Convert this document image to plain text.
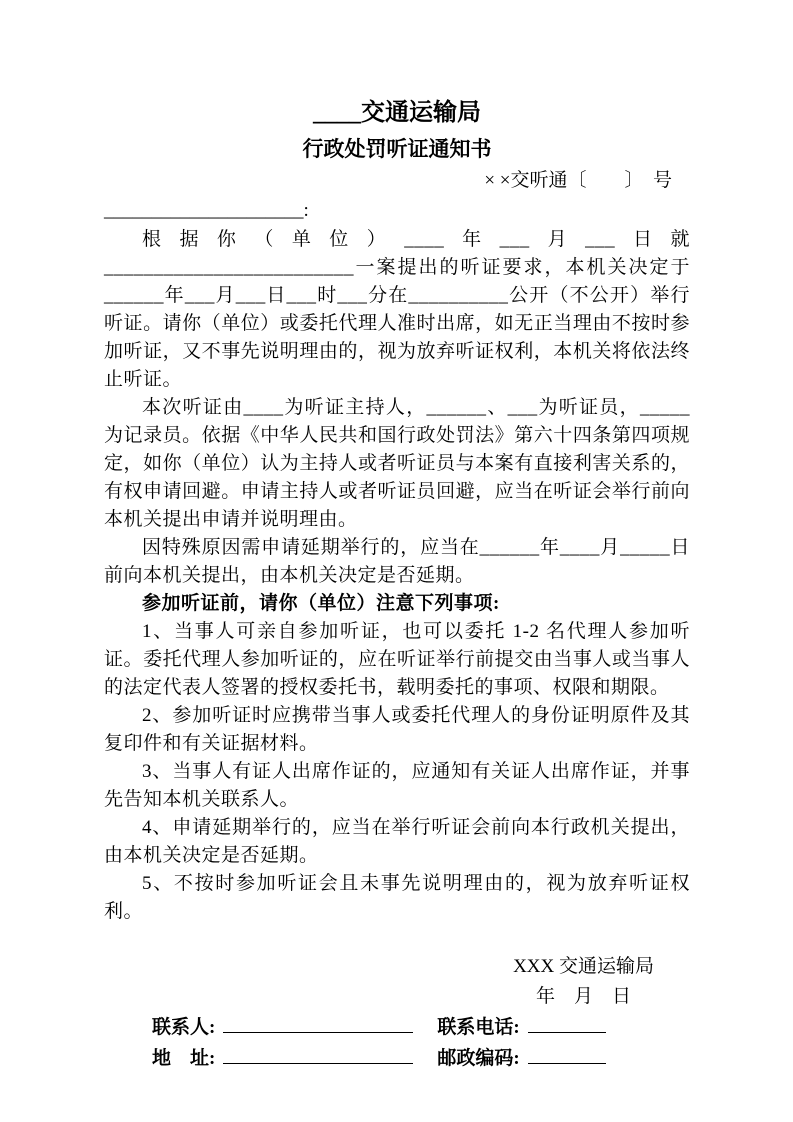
____交通运输局
行政处罚听证通知书
× ×交听通〔　　〕　号
_____________________:

根据你（单位）____年___月___日就_________________________一案提出的听证要求，本机关决定于______年___月___日___时___分在__________公开（不公开）举行听证。请你（单位）或委托代理人准时出席，如无正当理由不按时参加听证，又不事先说明理由的，视为放弃听证权利，本机关将依法终止听证。

本次听证由____为听证主持人，______、___为听证员，_____为记录员。依据《中华人民共和国行政处罚法》第六十四条第四项规定，如你（单位）认为主持人或者听证员与本案有直接利害关系的，有权申请回避。申请主持人或者听证员回避，应当在听证会举行前向本机关提出申请并说明理由。

因特殊原因需申请延期举行的，应当在______年____月_____日前向本机关提出，由本机关决定是否延期。

参加听证前，请你（单位）注意下列事项:

1、当事人可亲自参加听证，也可以委托 1-2 名代理人参加听证。委托代理人参加听证的，应在听证举行前提交由当事人或当事人的法定代表人签署的授权委托书，载明委托的事项、权限和期限。

2、参加听证时应携带当事人或委托代理人的身份证明原件及其复印件和有关证据材料。

3、当事人有证人出席作证的，应通知有关证人出席作证，并事先告知本机关联系人。

4、申请延期举行的，应当在举行听证会前向本行政机关提出，由本机关决定是否延期。

5、不按时参加听证会且未事先说明理由的，视为放弃听证权利。

XXX 交通运输局
年　月　日
联系人:	联系电话:
地　址:	邮政编码:
